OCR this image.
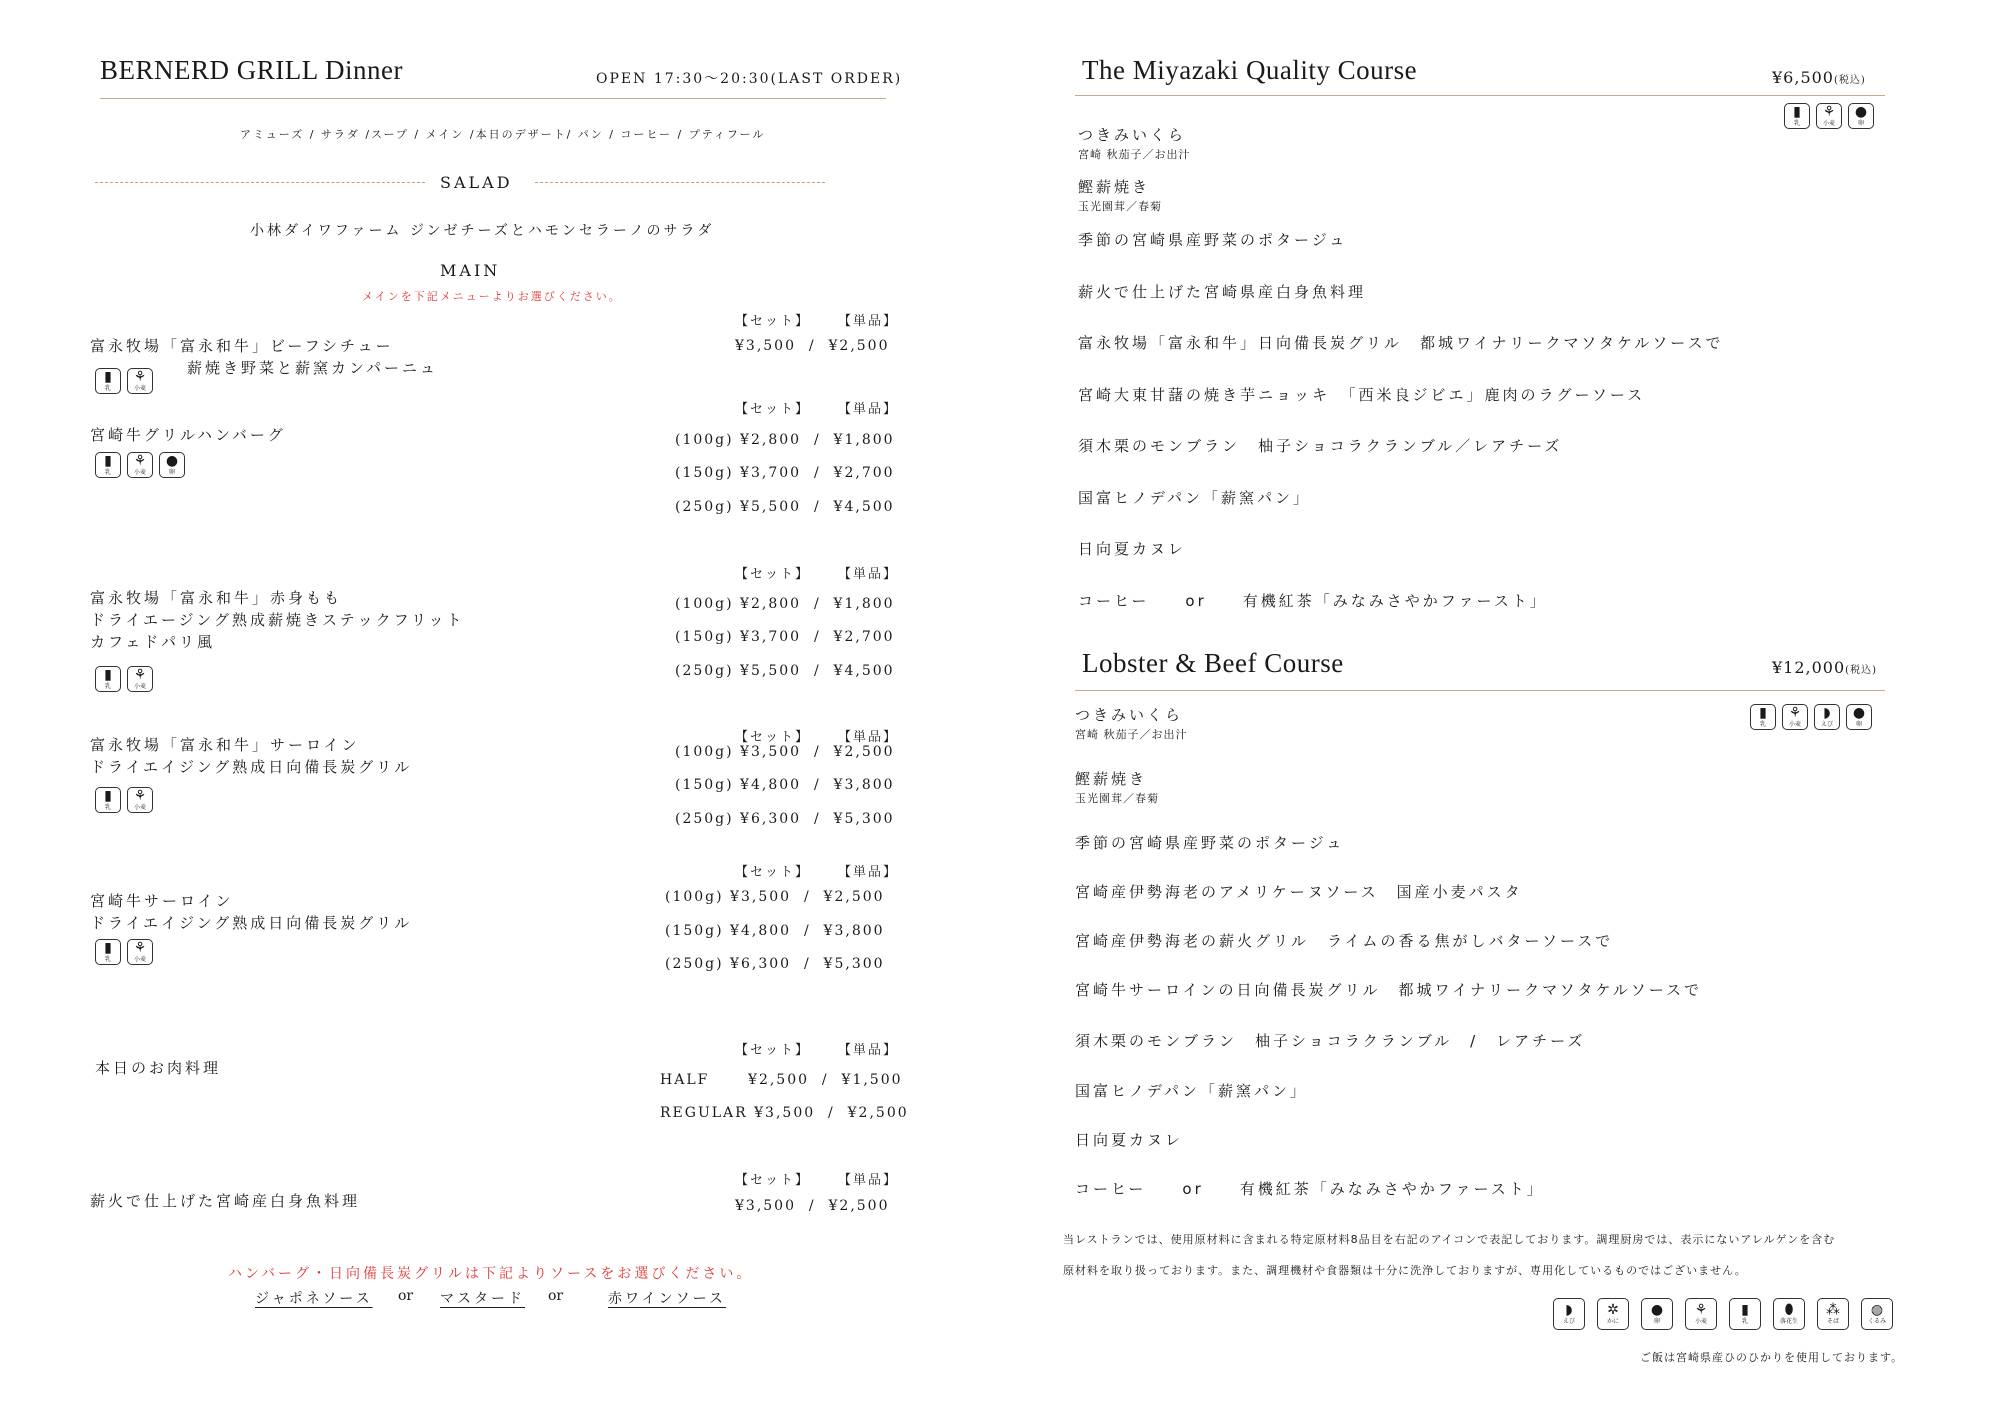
BERNERD GRILL Dinner	OPEN 17:30〜20:30(LAST ORDER)
アミューズ / サラダ /スープ / メイン /本日のデザート/ パン / コーヒー / プティフール
SALAD
小林ダイワファーム ジンゼチーズとハモンセラーノのサラダ
MAIN
メインを下記メニューよりお選びください。
【セット】 【単品】
富永牧場「富永和牛」ビーフシチュー
薪焼き野菜と薪窯カンパーニュ
¥3,500  /  ¥2,500
▮
乳
⚘
小麦
【セット】 【単品】
宮崎牛グリルハンバーグ	(100g) ¥2,800  /  ¥1,800
(150g) ¥3,700  /  ¥2,700
(250g) ¥5,500  /  ¥4,500
▮
乳
⚘
小麦
●
卵
【セット】 【単品】
富永牧場「富永和牛」赤身もも
ドライエージング熟成薪焼きステックフリット
カフェドパリ風
(100g) ¥2,800  /  ¥1,800
(150g) ¥3,700  /  ¥2,700
(250g) ¥5,500  /  ¥4,500
▮
乳
⚘
小麦
【セット】 【単品】
富永牧場「富永和牛」サーロイン
ドライエイジング熟成日向備長炭グリル
(100g) ¥3,500  /  ¥2,500
(150g) ¥4,800  /  ¥3,800
(250g) ¥6,300  /  ¥5,300
▮
乳
⚘
小麦
【セット】 【単品】
宮崎牛サーロイン
ドライエイジング熟成日向備長炭グリル
(100g) ¥3,500  /  ¥2,500
(150g) ¥4,800  /  ¥3,800
(250g) ¥6,300  /  ¥5,300
▮
乳
⚘
小麦
【セット】 【単品】
本日のお肉料理
HALF      ¥2,500  /  ¥1,500
REGULAR ¥3,500  /  ¥2,500
【セット】 【単品】
薪火で仕上げた宮崎産白身魚料理	¥3,500  /  ¥2,500
ハンバーグ・日向備長炭グリルは下記よりソースをお選びください。
ジャポネソース or マスタード or	赤ワインソース
The Miyazaki Quality Course	¥6,500(税込)
▮
乳
⚘
小麦
●
卵
つきみいくら
宮崎 秋茄子／お出汁
鰹薪焼き
玉光園茸／春菊
季節の宮崎県産野菜のポタージュ
薪火で仕上げた宮崎県産白身魚料理
富永牧場「富永和牛」日向備長炭グリル　都城ワイナリークマソタケルソースで
宮崎大東甘藷の焼き芋ニョッキ　「西米良ジビエ」鹿肉のラグーソース
須木栗のモンブラン　柚子ショコラクランブル／レアチーズ
国富ヒノデパン「薪窯パン」
日向夏カヌレ
コーヒー　　or　　有機紅茶「みなみさやかファースト」
Lobster & Beef Course	¥12,000(税込)
▮
乳
⚘
小麦
◗
えび
●
卵
つきみいくら
宮崎 秋茄子／お出汁
鰹薪焼き
玉光園茸／春菊
季節の宮崎県産野菜のポタージュ
宮崎産伊勢海老のアメリケーヌソース　国産小麦パスタ
宮崎産伊勢海老の薪火グリル　ライムの香る焦がしバターソースで
宮崎牛サーロインの日向備長炭グリル　都城ワイナリークマソタケルソースで
須木栗のモンブラン　柚子ショコラクランブル　/　レアチーズ
国富ヒノデパン「薪窯パン」
日向夏カヌレ
コーヒー　　or　　有機紅茶「みなみさやかファースト」
当レストランでは、使用原材料に含まれる特定原材料8品目を右記のアイコンで表記しております。調理厨房では、表示にないアレルゲンを含む
原材料を取り扱っております。また、調理機材や食器類は十分に洗浄しておりますが、専用化しているものではございません。
◗
えび
✲
かに
●
卵
⚘
小麦
▮
乳
⬮
落花生
⁂
そば
◍
くるみ
ご飯は宮崎県産ひのひかりを使用しております。
